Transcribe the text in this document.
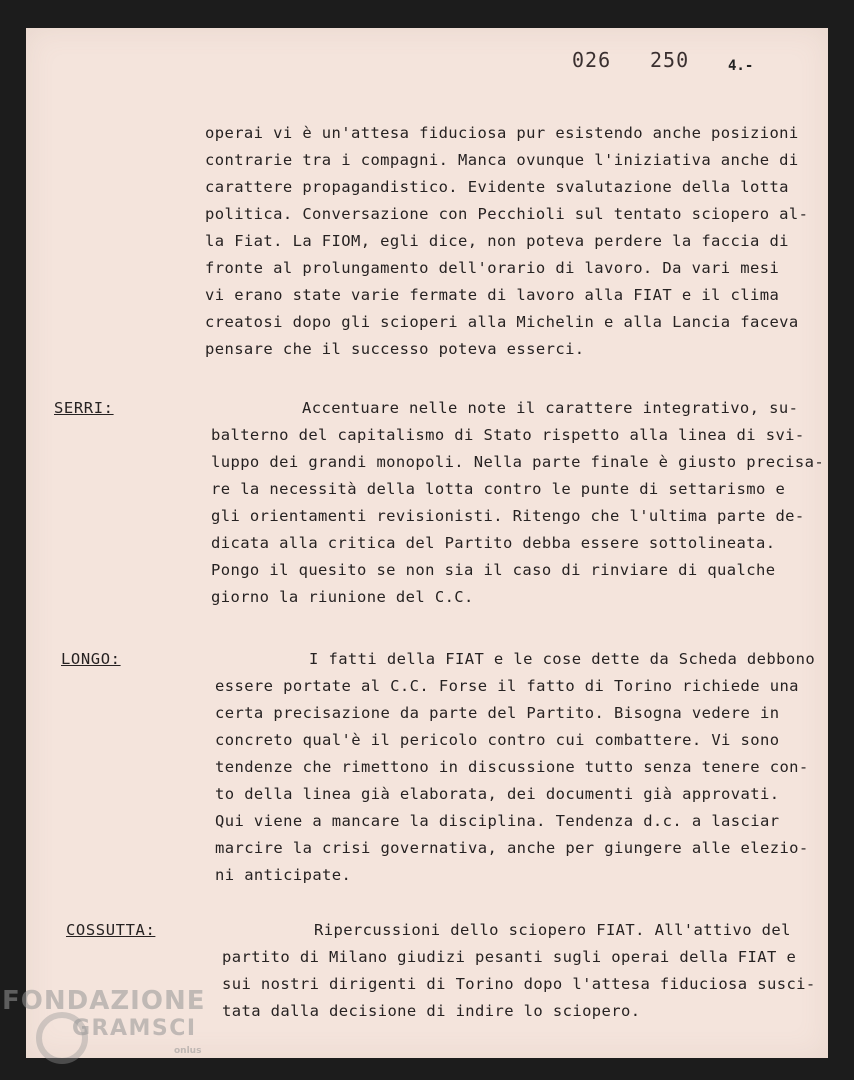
026 250	4.-
operai vi è un'attesa fiduciosa pur esistendo anche posizioni
contrarie tra i compagni. Manca ovunque l'iniziativa anche di
carattere propagandistico. Evidente svalutazione della lotta
politica. Conversazione con Pecchioli sul tentato sciopero al-
la Fiat. La FIOM, egli dice, non poteva perdere la faccia di
fronte al prolungamento dell'orario di lavoro. Da vari mesi
vi erano state varie fermate di lavoro alla FIAT e il clima
creatosi dopo gli scioperi alla Michelin e alla Lancia faceva
pensare che il successo poteva esserci.
SERRI:	Accentuare nelle note il carattere integrativo, su-
balterno del capitalismo di Stato rispetto alla linea di svi-
luppo dei grandi monopoli. Nella parte finale è giusto precisa-
re la necessità della lotta contro le punte di settarismo e
gli orientamenti revisionisti. Ritengo che l'ultima parte de-
dicata alla critica del Partito debba essere sottolineata.
Pongo il quesito se non sia il caso di rinviare di qualche
giorno la riunione del C.C.
LONGO:	I fatti della FIAT e le cose dette da Scheda debbono
essere portate al C.C. Forse il fatto di Torino richiede una
certa precisazione da parte del Partito. Bisogna vedere in
concreto qual'è il pericolo contro cui combattere. Vi sono
tendenze che rimettono in discussione tutto senza tenere con-
to della linea già elaborata, dei documenti già approvati.
Qui viene a mancare la disciplina. Tendenza d.c. a lasciar
marcire la crisi governativa, anche per giungere alle elezio-
ni anticipate.
COSSUTTA:	Ripercussioni dello sciopero FIAT. All'attivo del
partito di Milano giudizi pesanti sugli operai della FIAT e
sui nostri dirigenti di Torino dopo l'attesa fiduciosa susci-
tata dalla decisione di indire lo sciopero.
FONDAZIONE
GRAMSCI
onlus
